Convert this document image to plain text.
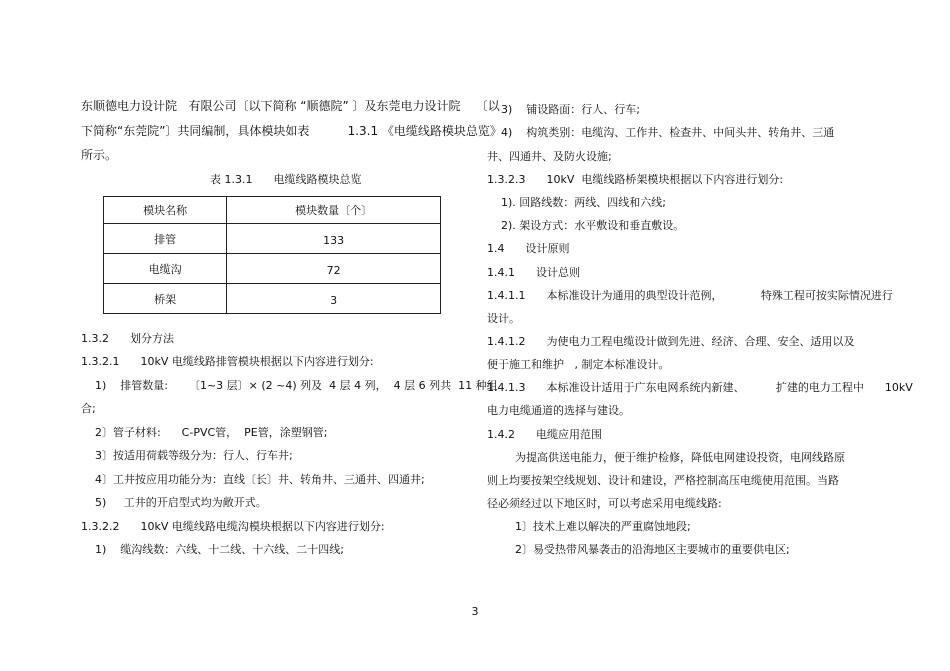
东顺德电力设计院   有限公司〔以下简称 “顺德院” 〕及东莞电力设计院    〔以
下简称“东莞院”〕共同编制，具体模块如表          1.3.1 《电缆线路模块总览》
所示。
表 1.3.1      电缆线路模块总览
模块名称	模块数量〔个〕
排管	133
电缆沟	72
桥架	3
1.3.2      划分方法
1.3.2.1      10kV 电缆线路排管模块根据以下内容进行划分:
1)    排管数量:      〔1~3 层〕× (2 ~4) 列及  4 层 4 列，  4 层 6 列共  11 种组
合;
2〕管子材料:      C-PVC管，  PE管，涂塑钢管;
3〕按适用荷载等级分为：行人、行车井;
4〕工井按应用功能分为：直线〔长〕井、转角井、三通井、四通井;
5)     工井的开启型式均为敞开式。
1.3.2.2      10kV 电缆线路电缆沟模块根据以下内容进行划分:
1)    缆沟线数：六线、十二线、十六线、二十四线;
3)    铺设路面：行人、行车;
4)    构筑类别：电缆沟、工作井、检查井、中间头井、转角井、三通
井、四通井、及防火设施;
1.3.2.3      10kV  电缆线路桥架模块根据以下内容进行划分:
1). 回路线数：两线、四线和六线;
2). 架设方式：水平敷设和垂直敷设。
1.4      设计原则
1.4.1      设计总则
1.4.1.1      本标准设计为通用的典型设计范例，           特殊工程可按实际情况进行
设计。
1.4.1.2      为使电力工程电缆设计做到先进、经济、合理、安全、适用以及
便于施工和维护   , 制定本标准设计。
1.4.1.3      本标准设计适用于广东电网系统内新建、         扩建的电力工程中      10kV
电力电缆通道的选择与建设。
1.4.2      电缆应用范围
为提高供送电能力，便于维护检修，降低电网建设投资，电网线路原
则上均要按架空线规划、设计和建设，严格控制高压电缆使用范围。当路
径必须经过以下地区时，可以考虑采用电缆线路:
1〕技术上难以解决的严重腐蚀地段;
2〕易受热带风暴袭击的沿海地区主要城市的重要供电区;
3
